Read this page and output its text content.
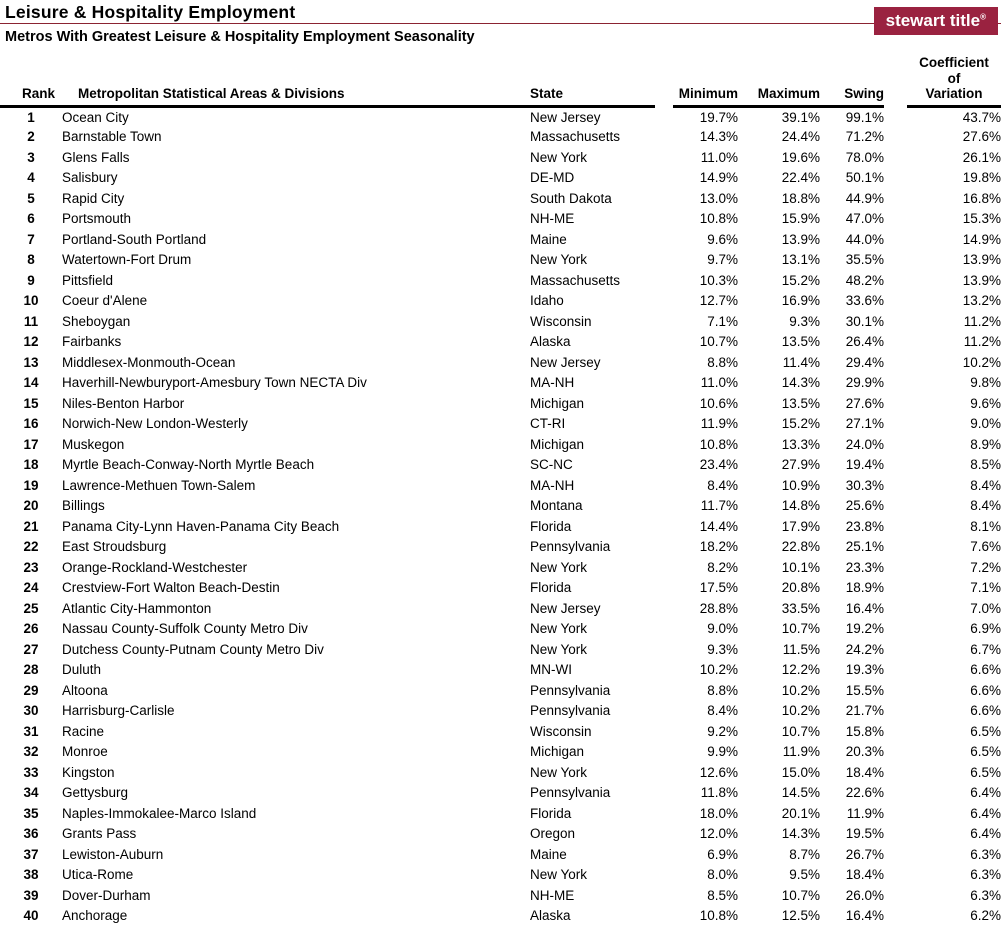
Leisure & Hospitality Employment
Metros With Greatest Leisure & Hospitality Employment Seasonality
stewart title®
Rank	Metropolitan Statistical Areas & Divisions	State		Minimum	Maximum	Swing		Coefficient
of
Variation

1	Ocean City	New Jersey		19.7%	39.1%	99.1%		43.7%
2	Barnstable Town	Massachusetts		14.3%	24.4%	71.2%		27.6%
3	Glens Falls	New York		11.0%	19.6%	78.0%		26.1%
4	Salisbury	DE-MD		14.9%	22.4%	50.1%		19.8%
5	Rapid City	South Dakota		13.0%	18.8%	44.9%		16.8%
6	Portsmouth	NH-ME		10.8%	15.9%	47.0%		15.3%
7	Portland-South Portland	Maine		9.6%	13.9%	44.0%		14.9%
8	Watertown-Fort Drum	New York		9.7%	13.1%	35.5%		13.9%
9	Pittsfield	Massachusetts		10.3%	15.2%	48.2%		13.9%
10	Coeur d'Alene	Idaho		12.7%	16.9%	33.6%		13.2%
11	Sheboygan	Wisconsin		7.1%	9.3%	30.1%		11.2%
12	Fairbanks	Alaska		10.7%	13.5%	26.4%		11.2%
13	Middlesex-Monmouth-Ocean	New Jersey		8.8%	11.4%	29.4%		10.2%
14	Haverhill-Newburyport-Amesbury Town NECTA Div	MA-NH		11.0%	14.3%	29.9%		9.8%
15	Niles-Benton Harbor	Michigan		10.6%	13.5%	27.6%		9.6%
16	Norwich-New London-Westerly	CT-RI		11.9%	15.2%	27.1%		9.0%
17	Muskegon	Michigan		10.8%	13.3%	24.0%		8.9%
18	Myrtle Beach-Conway-North Myrtle Beach	SC-NC		23.4%	27.9%	19.4%		8.5%
19	Lawrence-Methuen Town-Salem	MA-NH		8.4%	10.9%	30.3%		8.4%
20	Billings	Montana		11.7%	14.8%	25.6%		8.4%
21	Panama City-Lynn Haven-Panama City Beach	Florida		14.4%	17.9%	23.8%		8.1%
22	East Stroudsburg	Pennsylvania		18.2%	22.8%	25.1%		7.6%
23	Orange-Rockland-Westchester	New York		8.2%	10.1%	23.3%		7.2%
24	Crestview-Fort Walton Beach-Destin	Florida		17.5%	20.8%	18.9%		7.1%
25	Atlantic City-Hammonton	New Jersey		28.8%	33.5%	16.4%		7.0%
26	Nassau County-Suffolk County Metro Div	New York		9.0%	10.7%	19.2%		6.9%
27	Dutchess County-Putnam County Metro Div	New York		9.3%	11.5%	24.2%		6.7%
28	Duluth	MN-WI		10.2%	12.2%	19.3%		6.6%
29	Altoona	Pennsylvania		8.8%	10.2%	15.5%		6.6%
30	Harrisburg-Carlisle	Pennsylvania		8.4%	10.2%	21.7%		6.6%
31	Racine	Wisconsin		9.2%	10.7%	15.8%		6.5%
32	Monroe	Michigan		9.9%	11.9%	20.3%		6.5%
33	Kingston	New York		12.6%	15.0%	18.4%		6.5%
34	Gettysburg	Pennsylvania		11.8%	14.5%	22.6%		6.4%
35	Naples-Immokalee-Marco Island	Florida		18.0%	20.1%	11.9%		6.4%
36	Grants Pass	Oregon		12.0%	14.3%	19.5%		6.4%
37	Lewiston-Auburn	Maine		6.9%	8.7%	26.7%		6.3%
38	Utica-Rome	New York		8.0%	9.5%	18.4%		6.3%
39	Dover-Durham	NH-ME		8.5%	10.7%	26.0%		6.3%
40	Anchorage	Alaska		10.8%	12.5%	16.4%		6.2%
